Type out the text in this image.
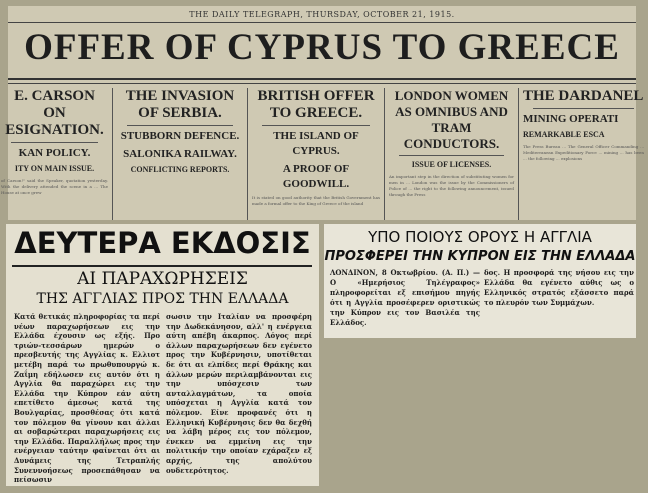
THE DAILY TELEGRAPH, THURSDAY, OCTOBER 21, 1915.
OFFER OF CYPRUS TO GREECE
E. CARSON ON ESIGNATION.
KAN POLICY.
ITY ON MAIN ISSUE.
of Carson!" said the Speaker, quotation yesterday. With the delivery attended the scene in a ... The House at once grew
THE INVASION OF SERBIA.
STUBBORN DEFENCE.
SALONIKA RAILWAY.
CONFLICTING REPORTS.
BRITISH OFFER TO GREECE.
THE ISLAND OF CYPRUS.
A PROOF OF GOODWILL.
It is stated on good authority that the British Government has made a formal offer to the King of Greece of the island
LONDON WOMEN AS OMNIBUS AND TRAM CONDUCTORS.
ISSUE OF LICENSES.
An important step in the direction of substituting women for men in ... London was the issue by the Commissioners of Police of ... the right to the following announcement, issued through the Press
THE DARDANEL
MINING OPERATI
REMARKABLE ESCA
The Press Bureau ... The General Officer Commanding ... Mediterranean Expeditionary Force ... mining ... has been ... the following ... explosions
ΔΕΥΤΕΡΑ ΕΚΔΟΣΙΣ
ΑΙ ΠΑΡΑΧΩΡΗΣΕΙΣ
ΤΗΣ ΑΓΓΛΙΑΣ ΠΡΟΣ ΤΗΝ ΕΛΛΑΔΑ
Κατά θετικάς πληροφορίας τα περί νέων παραχωρήσεων εις την Ελλάδα έχουσιν ως εξής. Προ τριών-τεσσάρων ημερών ο πρεσβευτής της Αγγλίας κ. Ελλιοτ μετέβη παρά τω πρωθυπουργώ κ. Ζαΐμη εδήλωσεν εις αυτόν ότι η Αγγλία θα παραχώρει εις την Ελλάδα την Κύπρον εάν αύτη επετίθετο άμεσως κατά της Βουλγαρίας, προσθέσας ότι κατά τον πόλεμον θα γίνουν και άλλαι αι σοβαρώτεραι παραχωρήσεις εις την Ελλάδα. Παραλλήλως προς την ενέργειαν ταύτην φαίνεται ότι αι Δυνάμεις της Τετραπλής Συνεννοήσεως προσεπάθησαν να πείσωσιν
σωσιν την Ιταλίαν να προσφέρη την Δωδεκάνησον, αλλ' η ενέργεια αύτη απέβη άκαρπος. Λόγος περί άλλων παραχωρήσεων δεν εγένετο προς την Κυβέρνησιν, υποτίθεται δε ότι αι ελπίδες περί Θράκης και άλλων μερών περιλαμβάνονται εις την υπόσχεσιν των ανταλλαγμάτων, τα οποία υπόσχεται η Αγγλία κατά τον πόλεμον. Είνε προφανές ότι η Ελληνική Κυβέρνησις δεν θα δεχθή να λάβη μέρος εις τον πόλεμον, ένεκεν να εμμείνη εις την πολιτικήν την οποίαν εχάραξεν εξ αρχής, της απολύτου ουδετερότητος.
ΥΠΟ ΠΟΙΟΥΣ ΟΡΟΥΣ Η ΑΓΓΛΙΑ
ΠΡΟΣΦΕΡΕΙ ΤΗΝ ΚΥΠΡΟΝ ΕΙΣ ΤΗΝ ΕΛΛΑΔΑ
ΛΟΝΔΙΝΟΝ, 8 Οκτωβρίου. (Α. Π.) — Ο «Ημερήσιος Τηλέγραφος» πληροφορείται εξ επισήμου πηγής ότι η Αγγλία προσέφερεν οριστικώς την Κύπρον εις τον Βασιλέα της Ελλάδος.
δος. Η προσφορά της νήσου εις την Ελλάδα θα εγένετο αύθις ως ο Ελληνικός στρατός εξάσσετο παρά το πλευρόν των Συμμάχων.
